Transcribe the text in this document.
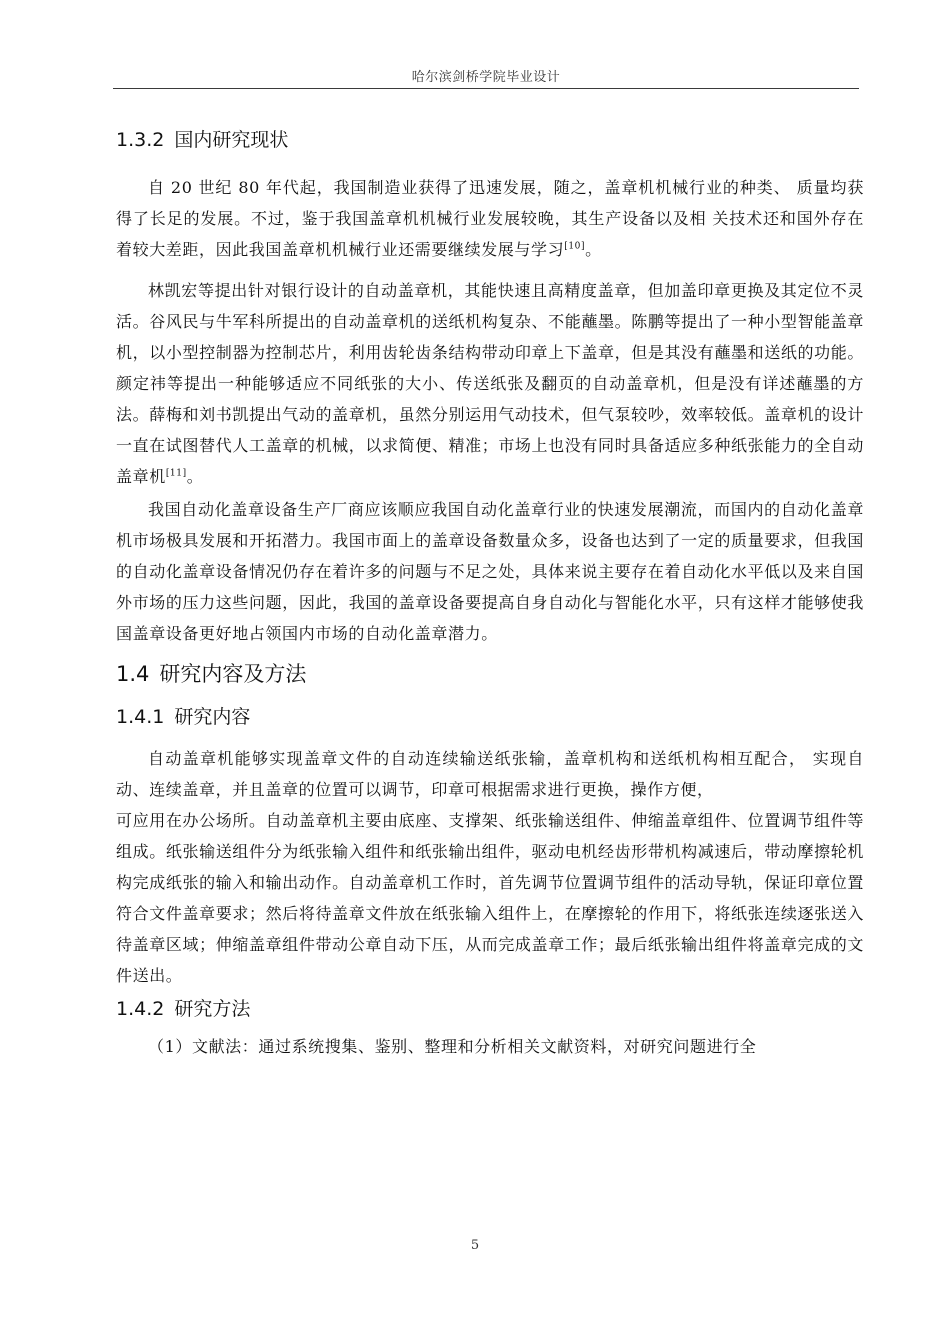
哈尔滨剑桥学院毕业设计
1.3.2 国内研究现状

自 20 世纪 80 年代起，我国制造业获得了迅速发展，随之，盖章机机械行业的种类、 质量均获得了长足的发展。不过，鉴于我国盖章机机械行业发展较晚，其生产设备以及相 关技术还和国外存在着较大差距，因此我国盖章机机械行业还需要继续发展与学习[10]。

林凯宏等提出针对银行设计的自动盖章机，其能快速且高精度盖章，但加盖印章更换及其定位不灵活。谷风民与牛军科所提出的自动盖章机的送纸机构复杂、不能蘸墨。陈鹏等提出了一种小型智能盖章机，以小型控制器为控制芯片，利用齿轮齿条结构带动印章上下盖章，但是其没有蘸墨和送纸的功能。颜定祎等提出一种能够适应不同纸张的大小、传送纸张及翻页的自动盖章机，但是没有详述蘸墨的方法。薛梅和刘书凯提出气动的盖章机，虽然分别运用气动技术，但气泵较吵，效率较低。盖章机的设计一直在试图替代人工盖章的机械，以求简便、精准；市场上也没有同时具备适应多种纸张能力的全自动盖章机[11]。

我国自动化盖章设备生产厂商应该顺应我国自动化盖章行业的快速发展潮流，而国内的自动化盖章机市场极具发展和开拓潜力。我国市面上的盖章设备数量众多，设备也达到了一定的质量要求，但我国的自动化盖章设备情况仍存在着许多的问题与不足之处，具体来说主要存在着自动化水平低以及来自国外市场的压力这些问题，因此，我国的盖章设备要提高自身自动化与智能化水平，只有这样才能够使我国盖章设备更好地占领国内市场的自动化盖章潜力。

1.4 研究内容及方法
1.4.1 研究内容

自动盖章机能够实现盖章文件的自动连续输送纸张输，盖章机构和送纸机构相互配合， 实现自动、连续盖章，并且盖章的位置可以调节，印章可根据需求进行更换，操作方便，

可应用在办公场所。自动盖章机主要由底座、支撑架、纸张输送组件、伸缩盖章组件、位置调节组件等组成。纸张输送组件分为纸张输入组件和纸张输出组件，驱动电机经齿形带机构减速后，带动摩擦轮机构完成纸张的输入和输出动作。自动盖章机工作时，首先调节位置调节组件的活动导轨，保证印章位置符合文件盖章要求；然后将待盖章文件放在纸张输入组件上，在摩擦轮的作用下，将纸张连续逐张送入待盖章区域；伸缩盖章组件带动公章自动下压，从而完成盖章工作；最后纸张输出组件将盖章完成的文件送出。

1.4.2 研究方法

（1）文献法：通过系统搜集、鉴别、整理和分析相关文献资料，对研究问题进行全

5
